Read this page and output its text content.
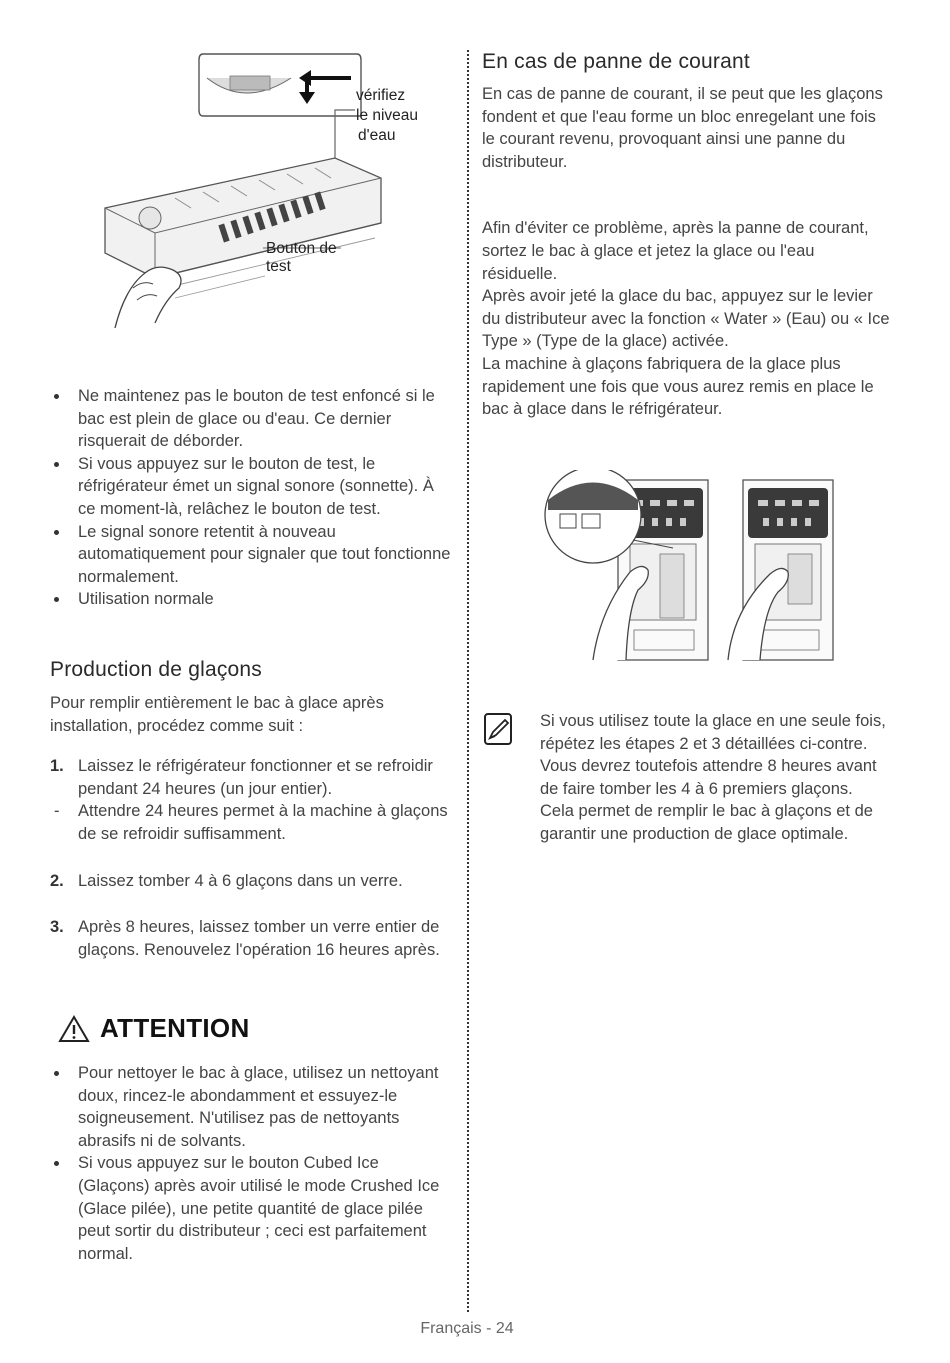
vérifiez
le niveau
d'eau
Bouton de
test
Ne maintenez pas le bouton de test enfoncé si le bac est plein de glace ou d'eau. Ce dernier risquerait de déborder.
Si vous appuyez sur le bouton de test, le réfrigérateur émet un signal sonore (sonnette). À ce moment-là, relâchez le bouton de test.
Le signal sonore retentit à nouveau automatiquement pour signaler que tout fonctionne normalement.
Utilisation normale
Production de glaçons
Pour remplir entièrement le bac à glace après installation, procédez comme suit :
1. Laissez le réfrigérateur fonctionner et se refroidir pendant 24 heures (un jour entier).
- Attendre 24 heures permet à la machine à glaçons de se refroidir suffisamment.
2. Laissez tomber 4 à 6 glaçons dans un verre.
3. Après 8 heures, laissez tomber un verre entier de glaçons. Renouvelez l'opération 16 heures après.
ATTENTION
Pour nettoyer le bac à glace, utilisez un nettoyant doux, rincez-le abondamment et essuyez-le soigneusement. N'utilisez pas de nettoyants abrasifs ni de solvants.
Si vous appuyez sur le bouton Cubed Ice (Glaçons) après avoir utilisé le mode Crushed Ice (Glace pilée), une petite quantité de glace pilée peut sortir du distributeur ; ceci est parfaitement normal.
En cas de panne de courant
En cas de panne de courant, il se peut que les glaçons fondent et que l'eau forme un bloc enregelant une fois le courant revenu, provoquant ainsi une panne du distributeur.
Afin d'éviter ce problème, après la panne de courant, sortez le bac à glace et jetez la glace ou l'eau résiduelle.
Après avoir jeté la glace du bac, appuyez sur le levier du distributeur avec la fonction « Water » (Eau) ou « Ice Type » (Type de la glace) activée.
La machine à glaçons fabriquera de la glace plus rapidement une fois que vous aurez remis en place le bac à glace dans le réfrigérateur.
Si vous utilisez toute la glace en une seule fois, répétez les étapes 2 et 3 détaillées ci-contre. Vous devrez toutefois attendre 8 heures avant de faire tomber les 4 à 6 premiers glaçons. Cela permet de remplir le bac à glaçons et de garantir une production de glace optimale.
Français - 24
